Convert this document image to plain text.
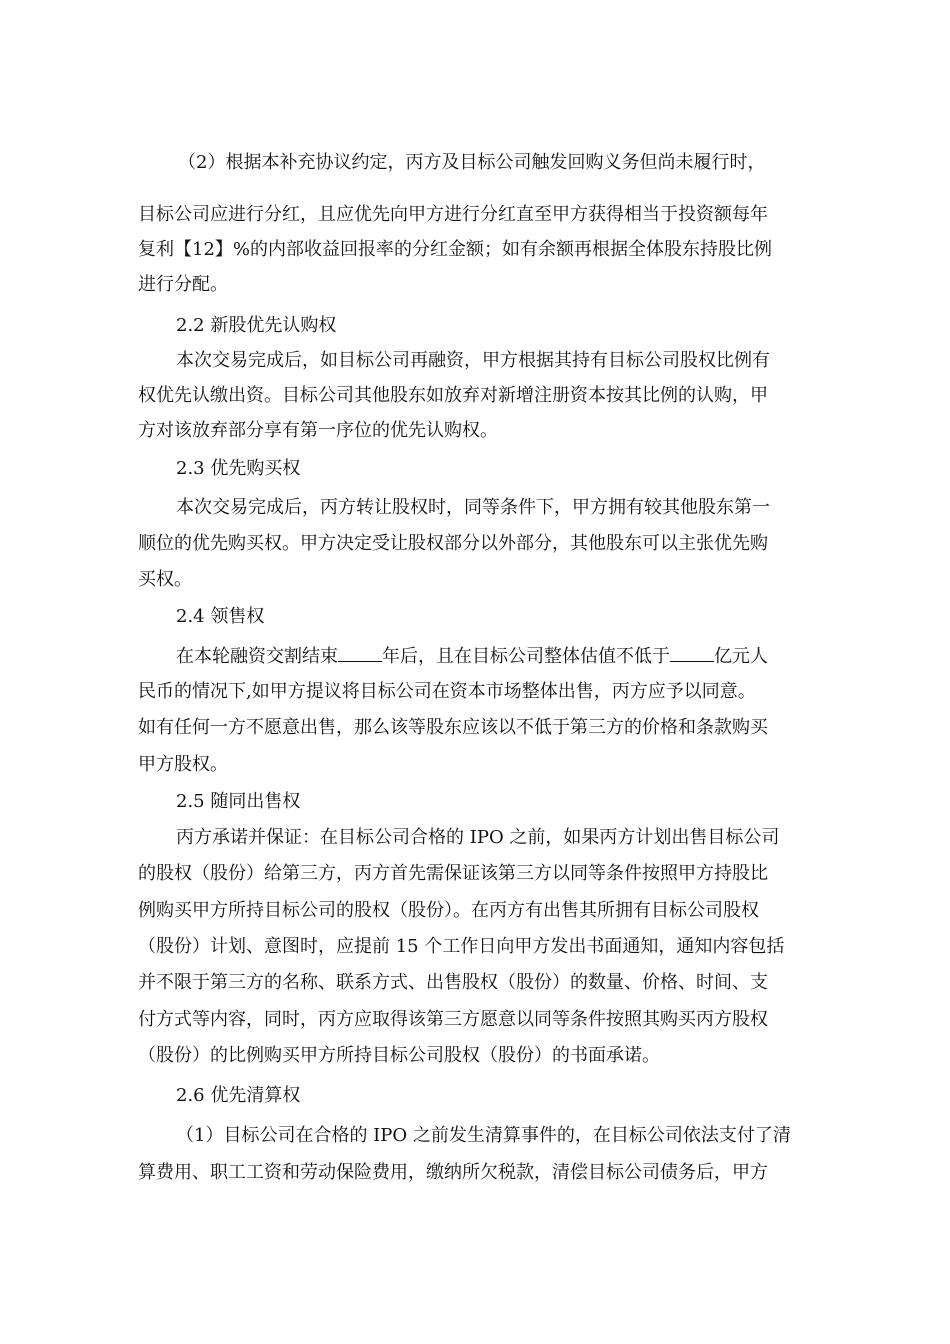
（2）根据本补充协议约定，丙方及目标公司触发回购义务但尚未履行时，
目标公司应进行分红，且应优先向甲方进行分红直至甲方获得相当于投资额每年
复利【12】%的内部收益回报率的分红金额；如有余额再根据全体股东持股比例
进行分配。
2.2 新股优先认购权
本次交易完成后，如目标公司再融资，甲方根据其持有目标公司股权比例有
权优先认缴出资。目标公司其他股东如放弃对新增注册资本按其比例的认购，甲
方对该放弃部分享有第一序位的优先认购权。
2.3 优先购买权
本次交易完成后，丙方转让股权时，同等条件下，甲方拥有较其他股东第一
顺位的优先购买权。甲方决定受让股权部分以外部分，其他股东可以主张优先购
买权。
2.4 领售权
在本轮融资交割结束 年后，且在目标公司整体估值不低于 亿元人
民币的情况下,如甲方提议将目标公司在资本市场整体出售，丙方应予以同意。
如有任何一方不愿意出售，那么该等股东应该以不低于第三方的价格和条款购买
甲方股权。
2.5 随同出售权
丙方承诺并保证：在目标公司合格的 IPO 之前，如果丙方计划出售目标公司
的股权（股份）给第三方，丙方首先需保证该第三方以同等条件按照甲方持股比
例购买甲方所持目标公司的股权（股份）。在丙方有出售其所拥有目标公司股权
（股份）计划、意图时，应提前 15 个工作日向甲方发出书面通知，通知内容包括
并不限于第三方的名称、联系方式、出售股权（股份）的数量、价格、时间、支
付方式等内容，同时，丙方应取得该第三方愿意以同等条件按照其购买丙方股权
（股份）的比例购买甲方所持目标公司股权（股份）的书面承诺。
2.6 优先清算权
（1）目标公司在合格的 IPO 之前发生清算事件的，在目标公司依法支付了清
算费用、职工工资和劳动保险费用，缴纳所欠税款，清偿目标公司债务后，甲方
